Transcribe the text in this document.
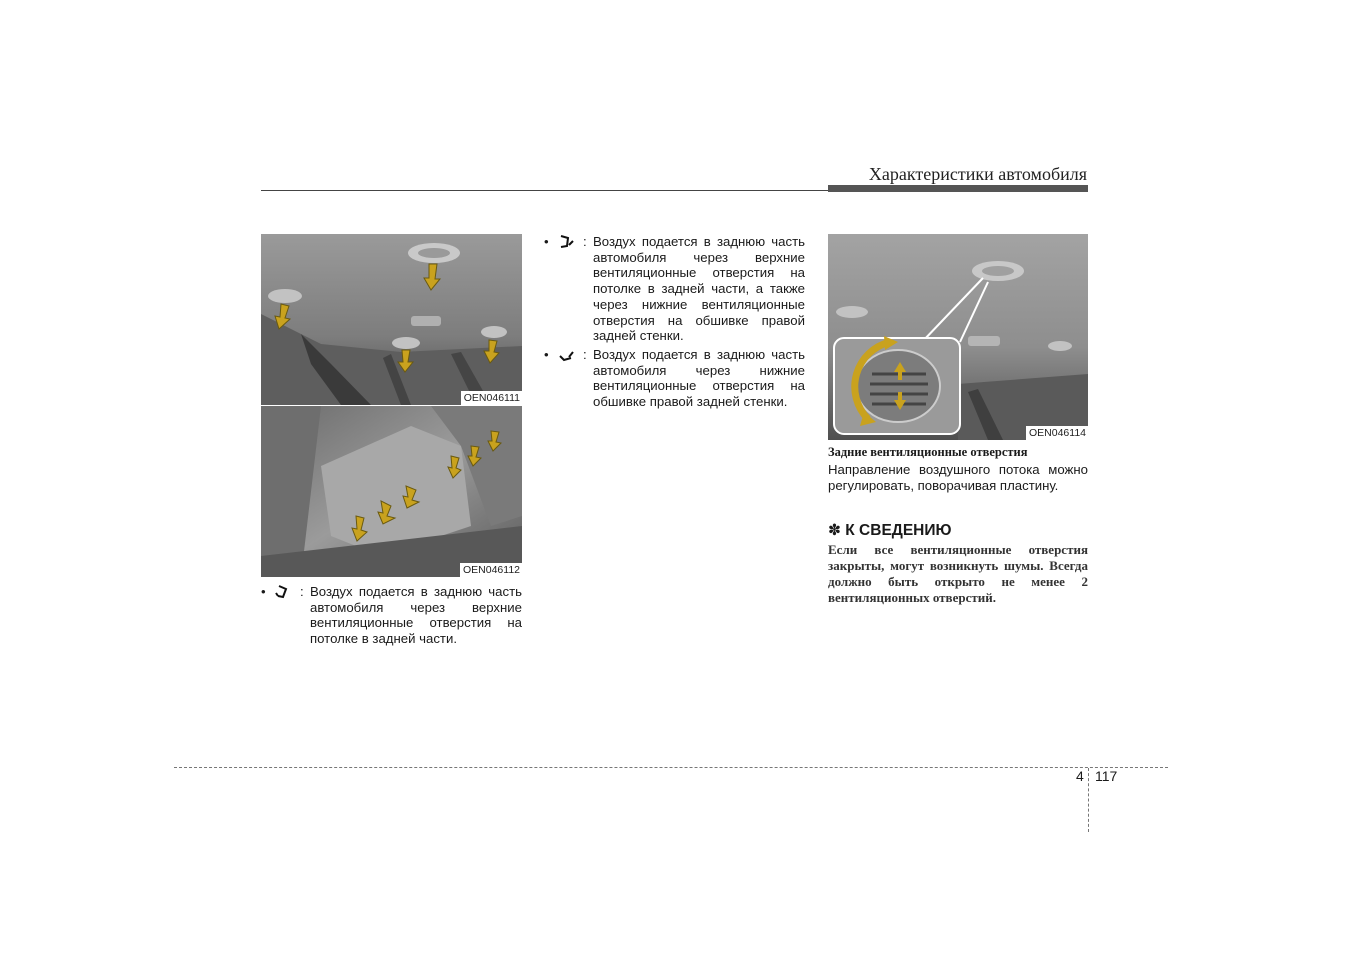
Характеристики автомобиля
OEN046111
OEN046112
•	: Воздух подается в заднюю часть автомобиля через верхние вентиляционные отверстия на потолке в задней части.
•	: Воздух подается в заднюю часть автомобиля через верхние вентиляционные отверстия на потолке в задней части, а также через нижние вентиляционные отверстия на обшивке правой задней стенки.
•	: Воздух подается в заднюю часть автомобиля через нижние вентиляционные отверстия на обшивке правой задней стенки.
OEN046114
Задние вентиляционные отверстия
Направление воздушного потока можно регулировать, поворачивая пластину.
✽ К СВЕДЕНИЮ
Если все вентиляционные отверстия закрыты, могут возникнуть шумы. Всегда должно быть открыто не менее 2 вентиляционных отверстий.
4 117
